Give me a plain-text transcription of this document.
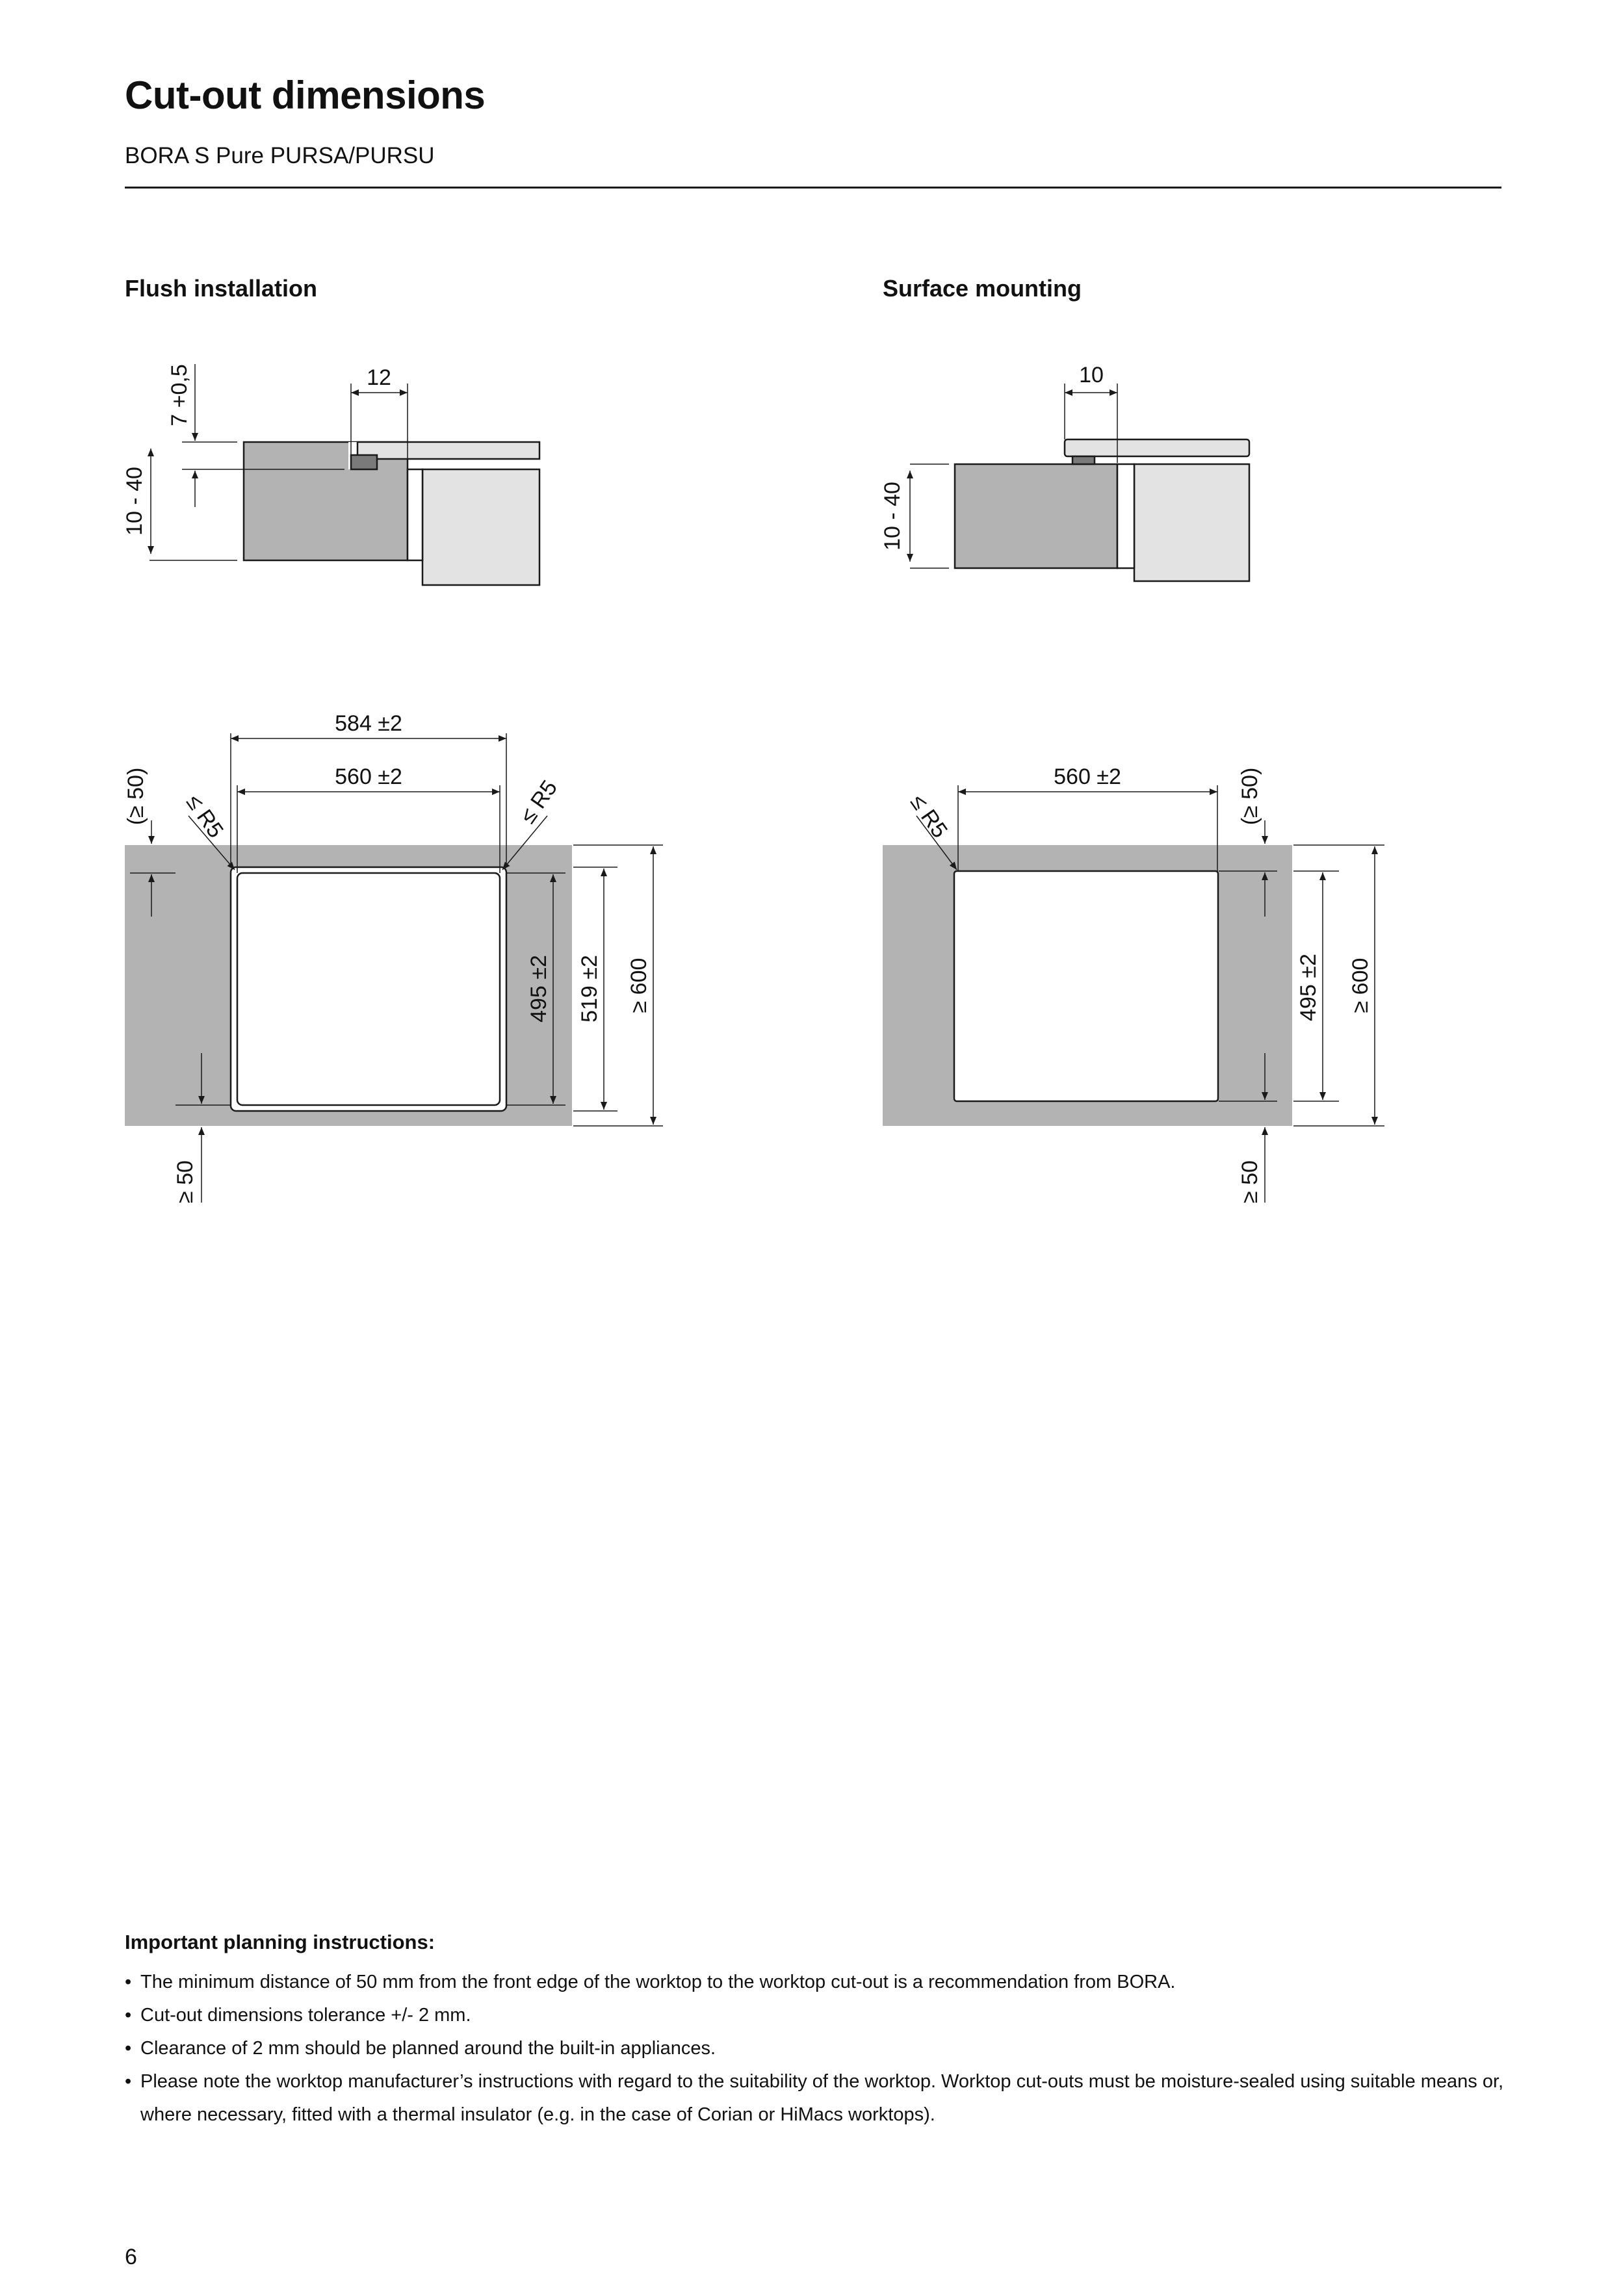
Cut-out dimensions

BORA S Pure PURSA/PURSU

Flush installation	Surface mounting
10 - 40
7 +0,5	12
10 - 40
10
584 ±2
560 ±2
≤ R5	≤ R5
(≥ 50)
495 ±2 519 ±2 ≥ 600
≥ 50
560 ±2
≤ R5	(≥ 50)
495 ±2 ≥ 600
≥ 50

Important planning instructions:

• The minimum distance of 50 mm from the front edge of the worktop to the worktop cut-out is a recommendation from BORA.
• Cut-out dimensions tolerance +/- 2 mm.
• Clearance of 2 mm should be planned around the built-in appliances.
• Please note the worktop manufacturer’s instructions with regard to the suitability of the worktop. Worktop cut-outs must be moisture-sealed using suitable means or, where necessary, fitted with a thermal insulator (e.g. in the case of Corian or HiMacs worktops).

6
